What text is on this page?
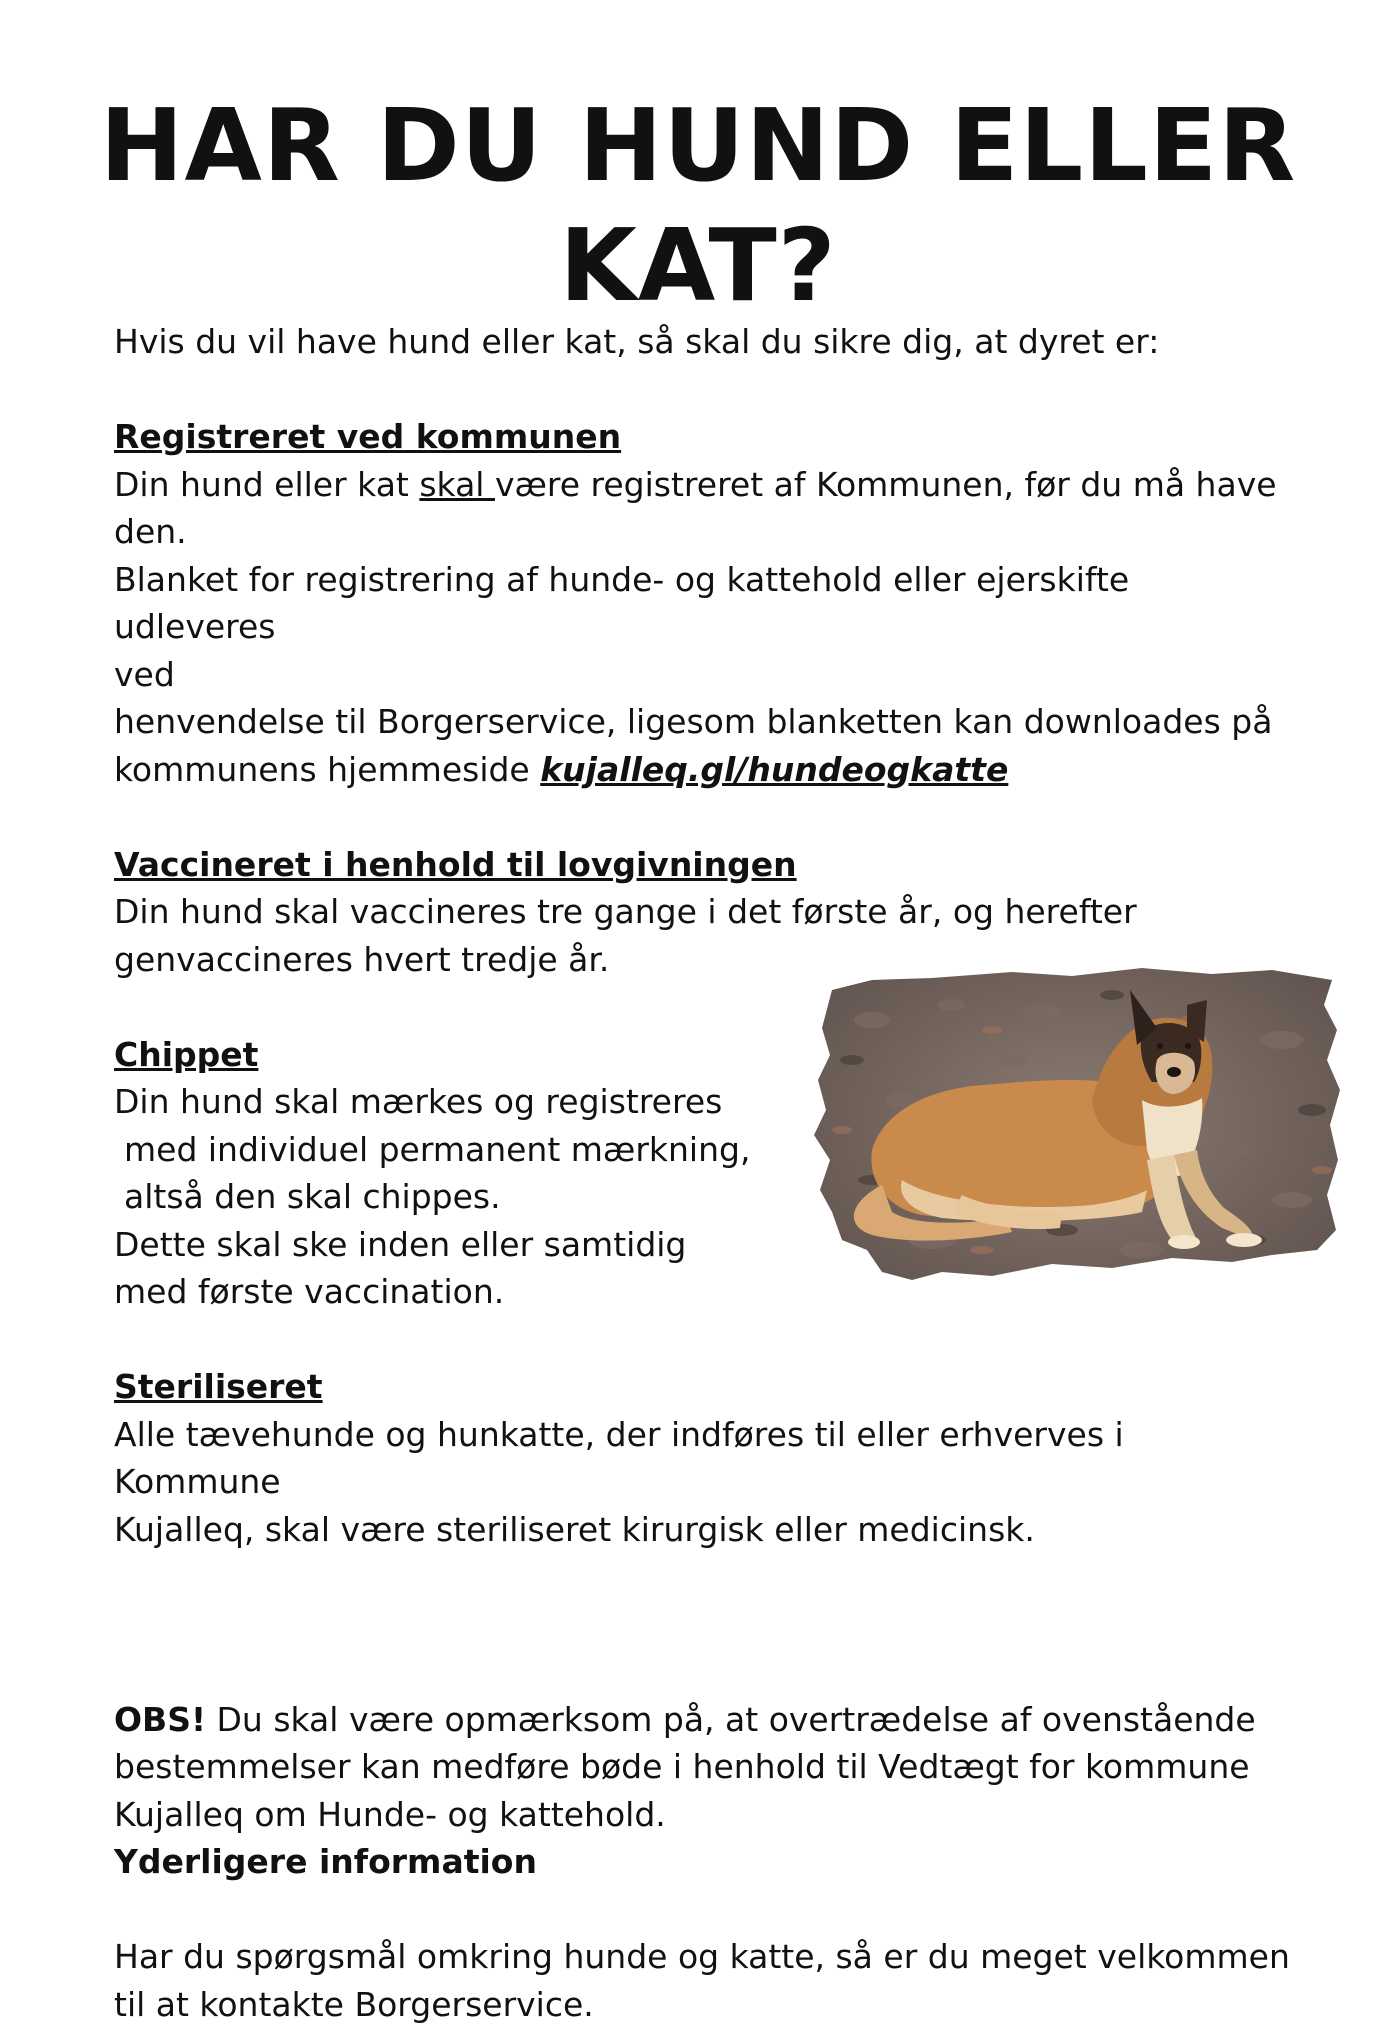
HAR DU HUND ELLER KAT?

Hvis du vil have hund eller kat, så skal du sikre dig, at dyret er:

Registreret ved kommunen

Din hund eller kat skal være registreret af Kommunen, før du må have

den.

Blanket for registrering af hunde- og kattehold eller ejerskifte udleveres

ved

henvendelse til Borgerservice, ligesom blanketten kan downloades på

kommunens hjemmeside kujalleq.gl/hundeogkatte

Vaccineret i henhold til lovgivningen

Din hund skal vaccineres tre gange i det første år, og herefter

genvaccineres hvert tredje år.

Chippet

Din hund skal mærkes og registreres

med individuel permanent mærkning,

altså den skal chippes.

Dette skal ske inden eller samtidig

med første vaccination.

Steriliseret

Alle tævehunde og hunkatte, der indføres til eller erhverves i Kommune

Kujalleq, skal være steriliseret kirurgisk eller medicinsk.

OBS! Du skal være opmærksom på, at overtrædelse af ovenstående

bestemmelser kan medføre bøde i henhold til Vedtægt for kommune

Kujalleq om Hunde- og kattehold.

Yderligere information

Har du spørgsmål omkring hunde og katte, så er du meget velkommen

til at kontakte Borgerservice.
